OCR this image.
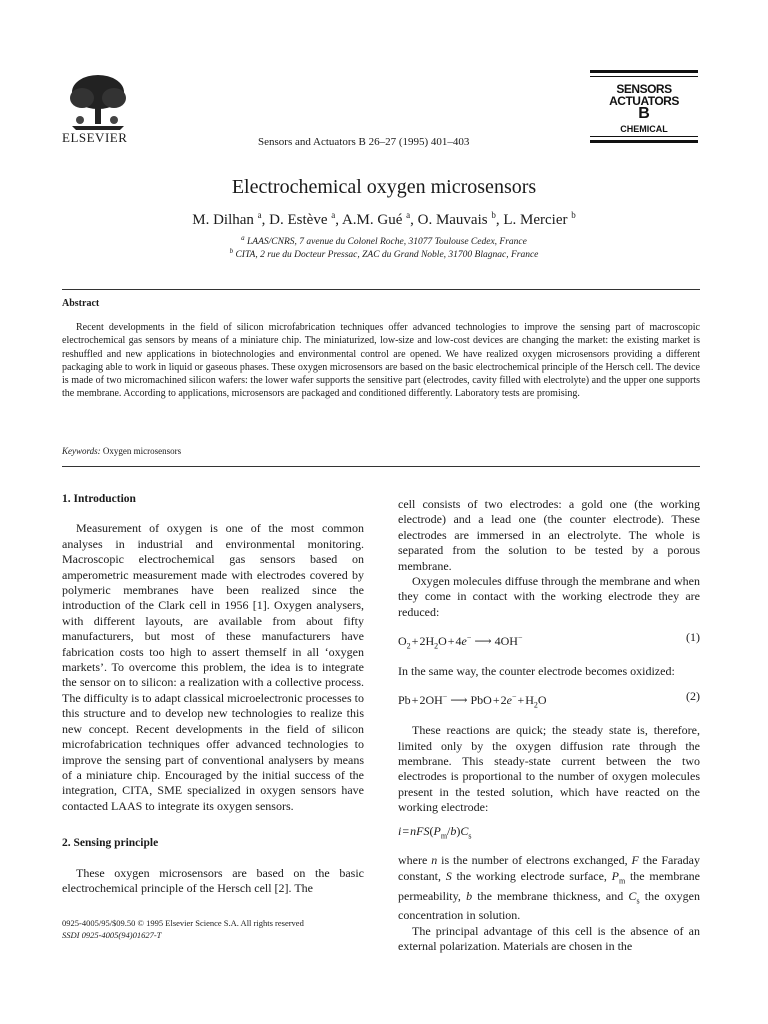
ELSEVIER	Sensors and Actuators B 26–27 (1995) 401–403
SENSORS
ACTUATORS
B
CHEMICAL
Electrochemical oxygen microsensors
M. Dilhan $^a$, D. Estève $^a$, A.M. Gué $^a$, O. Mauvais $^b$, L. Mercier $^b$
$^a$ LAAS/CNRS, 7 avenue du Colonel Roche, 31077 Toulouse Cedex, France
$^b$ CITA, 2 rue du Docteur Pressac, ZAC du Grand Noble, 31700 Blagnac, France
Abstract
Recent developments in the field of silicon microfabrication techniques offer advanced technologies to improve the sensing part of macroscopic electrochemical gas sensors by means of a miniature chip. The miniaturized, low-size and low-cost devices are changing the market: the existing market is reshuffled and new applications in biotechnologies and environmental control are opened. We have realized oxygen microsensors providing a different packaging able to work in liquid or gaseous phases. These oxygen microsensors are based on the basic electrochemical principle of the Hersch cell. The device is made of two micromachined silicon wafers: the lower wafer supports the sensitive part (electrodes, cavity filled with electrolyte) and the upper one supports the membrane. According to applications, microsensors are packaged and conditioned differently. Laboratory tests are promising.
Keywords: Oxygen microsensors
1. Introduction

Measurement of oxygen is one of the most common analyses in industrial and environmental monitoring. Macroscopic electrochemical gas sensors based on amperometric measurement made with electrodes covered by polymeric membranes have been realized since the introduction of the Clark cell in 1956 [1]. Oxygen analysers, with different layouts, are available from about fifty manufacturers, but most of these manufacturers have fabrication costs too high to assert themself in all ‘oxygen markets’. To overcome this problem, the idea is to integrate the sensor on to silicon: a realization with a collective process. The difficulty is to adapt classical microelectronic processes to this structure and to develop new technologies to realize this new concept. Recent developments in the field of silicon microfabrication techniques offer advanced technologies to improve the sensing part of conventional analysers by means of a miniature chip. Encouraged by the initial success of the integration, CITA, SME specialized in oxygen sensors have contacted LAAS to integrate its oxygen sensors.

2. Sensing principle

These oxygen microsensors are based on the basic electrochemical principle of the Hersch cell [2]. The

cell consists of two electrodes: a gold one (the working electrode) and a lead one (the counter electrode). These electrodes are immersed in an electrolyte. The whole is separated from the solution to be tested by a porous membrane.

Oxygen molecules diffuse through the membrane and when they come in contact with the working electrode they are reduced:

$O_2$ + $2H_2O$ + 4e− ⟶ 4OH−	(1)

In the same way, the counter electrode becomes oxidized:

Pb + 2OH− ⟶ PbO + 2e− + $H_2O$	(2)

These reactions are quick; the steady state is, therefore, limited only by the oxygen diffusion rate through the membrane. This steady-state current between the two electrodes is proportional to the number of oxygen molecules present in the tested solution, which have reacted on the working electrode:

i = $nFS(P_m/b)C_s$

where n is the number of electrons exchanged, F the Faraday constant, S the working electrode surface, $P_m$ the membrane permeability, b the membrane thickness, and $C_s$ the oxygen concentration in solution.

The principal advantage of this cell is the absence of an external polarization. Materials are chosen in the

0925-4005/95/$09.50 © 1995 Elsevier Science S.A. All rights reserved
SSDI 0925-4005(94)01627-T
